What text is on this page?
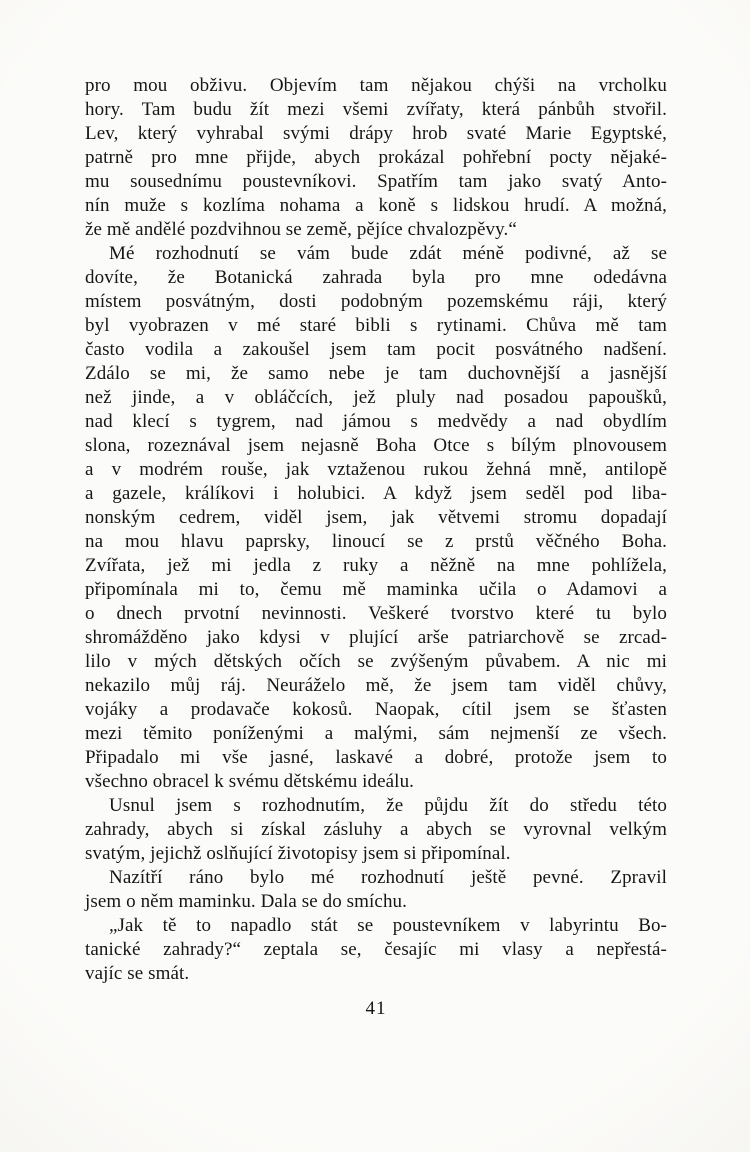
pro mou obživu. Objevím tam nějakou chýši na vrcholku
hory. Tam budu žít mezi všemi zvířaty, která pánbůh stvořil.
Lev, který vyhrabal svými drápy hrob svaté Marie Egyptské,
patrně pro mne přijde, abych prokázal pohřební pocty nějaké-
mu sousednímu poustevníkovi. Spatřím tam jako svatý Anto-
nín muže s kozlíma nohama a koně s lidskou hrudí. A možná,
že mě andělé pozdvihnou se země, pějíce chvalozpěvy.“
Mé rozhodnutí se vám bude zdát méně podivné, až se
dovíte, že Botanická zahrada byla pro mne odedávna
místem posvátným, dosti podobným pozemskému ráji, který
byl vyobrazen v mé staré bibli s rytinami. Chůva mě tam
často vodila a zakoušel jsem tam pocit posvátného nadšení.
Zdálo se mi, že samo nebe je tam duchovnější a jasnější
než jinde, a v obláčcích, jež pluly nad posadou papoušků,
nad klecí s tygrem, nad jámou s medvědy a nad obydlím
slona, rozeznával jsem nejasně Boha Otce s bílým plnovousem
a v modrém rouše, jak vztaženou rukou žehná mně, antilopě
a gazele, králíkovi i holubici. A když jsem seděl pod liba-
nonským cedrem, viděl jsem, jak větvemi stromu dopadají
na mou hlavu paprsky, linoucí se z prstů věčného Boha.
Zvířata, jež mi jedla z ruky a něžně na mne pohlížela,
připomínala mi to, čemu mě maminka učila o Adamovi a
o dnech prvotní nevinnosti. Veškeré tvorstvo které tu bylo
shromážděno jako kdysi v plující arše patriarchově se zrcad-
lilo v mých dětských očích se zvýšeným půvabem. A nic mi
nekazilo můj ráj. Neuráželo mě, že jsem tam viděl chůvy,
vojáky a prodavače kokosů. Naopak, cítil jsem se šťasten
mezi těmito poníženými a malými, sám nejmenší ze všech.
Připadalo mi vše jasné, laskavé a dobré, protože jsem to
všechno obracel k svému dětskému ideálu.
Usnul jsem s rozhodnutím, že půjdu žít do středu této
zahrady, abych si získal zásluhy a abych se vyrovnal velkým
svatým, jejichž oslňující životopisy jsem si připomínal.
Nazítří ráno bylo mé rozhodnutí ještě pevné. Zpravil
jsem o něm maminku. Dala se do smíchu.
„Jak tě to napadlo stát se poustevníkem v labyrintu Bo-
tanické zahrady?“ zeptala se, česajíc mi vlasy a nepřestá-
vajíc se smát.
41
